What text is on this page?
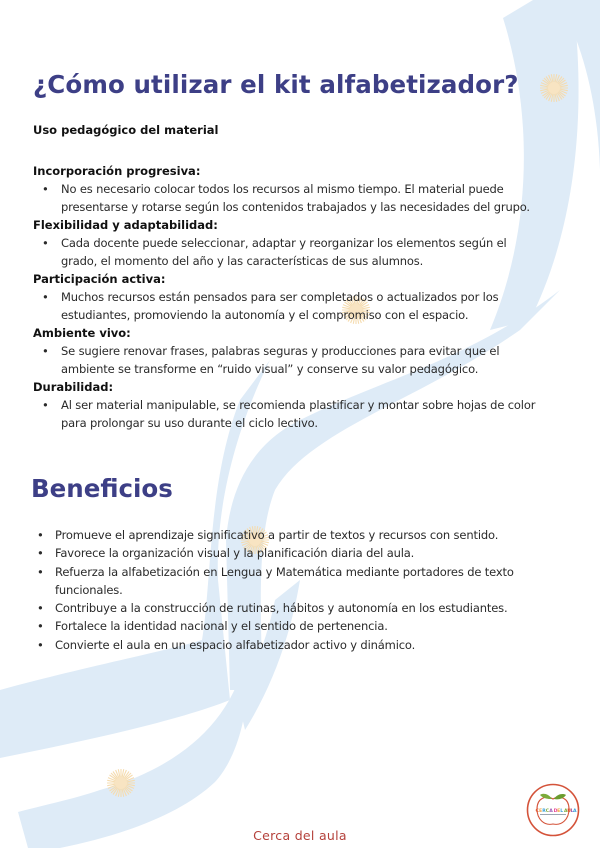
¿Cómo utilizar el kit alfabetizador?
Uso pedagógico del material
Incorporación progresiva:
• No es necesario colocar todos los recursos al mismo tiempo. El material puede
presentarse y rotarse según los contenidos trabajados y las necesidades del grupo.
Flexibilidad y adaptabilidad:
• Cada docente puede seleccionar, adaptar y reorganizar los elementos según el
grado, el momento del año y las características de sus alumnos.
Participación activa:
• Muchos recursos están pensados para ser completados o actualizados por los
estudiantes, promoviendo la autonomía y el compromiso con el espacio.
Ambiente vivo:
• Se sugiere renovar frases, palabras seguras y producciones para evitar que el
ambiente se transforme en “ruido visual” y conserve su valor pedagógico.
Durabilidad:
• Al ser material manipulable, se recomienda plastificar y montar sobre hojas de color
para prolongar su uso durante el ciclo lectivo.
Beneficios
• Promueve el aprendizaje significativo a partir de textos y recursos con sentido.
• Favorece la organización visual y la planificación diaria del aula.
• Refuerza la alfabetización en Lengua y Matemática mediante portadores de texto
funcionales.
• Contribuye a la construcción de rutinas, hábitos y autonomía en los estudiantes.
• Fortalece la identidad nacional y el sentido de pertenencia.
• Convierte el aula en un espacio alfabetizador activo y dinámico.
Cerca del aula
C E R C A D E L A U L A
